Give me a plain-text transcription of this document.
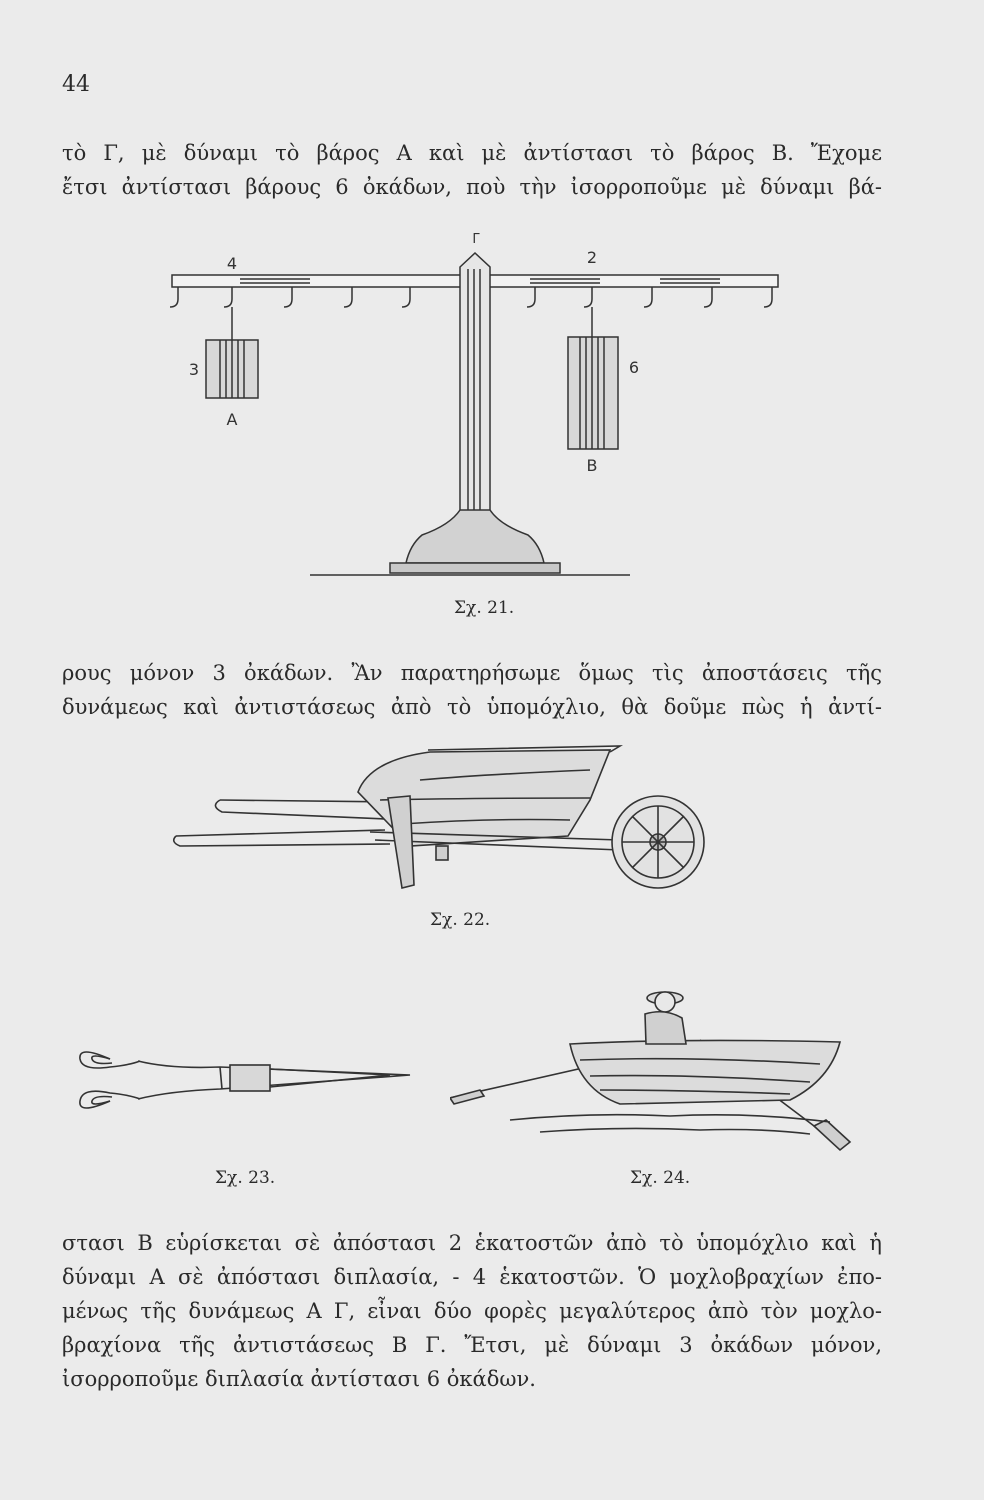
44
τὸ Γ, μὲ δύναμι τὸ βάρος Α καὶ μὲ ἀντίστασι τὸ βάρος Β. Ἔχομε
ἔτσι ἀντίστασι βάρους 6 ὀκάδων, ποὺ τὴν ἰσορροποῦμε μὲ δύναμι βά-
Γ
4	2
3
Α
6
Β
Σχ. 21.
ρους μόνον 3 ὀκάδων. Ἂν παρατηρήσωμε ὅμως τὶς ἀποστάσεις τῆς
δυνάμεως καὶ ἀντιστάσεως ἀπὸ τὸ ὑπομόχλιο, θὰ δοῦμε πὼς ἡ ἀντί-
Σχ. 22.
Σχ. 23.	Σχ. 24.
στασι Β εὑρίσκεται σὲ ἀπόστασι 2 ἑκατοστῶν ἀπὸ τὸ ὑπομόχλιο καὶ ἡ
δύναμι Α σὲ ἀπόστασι διπλασία, - 4 ἑκατοστῶν. Ὁ μοχλοβραχίων ἐπο-
μένως τῆς δυνάμεως Α Γ, εἶναι δύο φορὲς μεγαλύτερος ἀπὸ τὸν μοχλο-
βραχίονα τῆς ἀντιστάσεως Β Γ. Ἔτσι, μὲ δύναμι 3 ὀκάδων μόνον,
ἰσορροποῦμε διπλασία ἀντίστασι 6 ὀκάδων.
